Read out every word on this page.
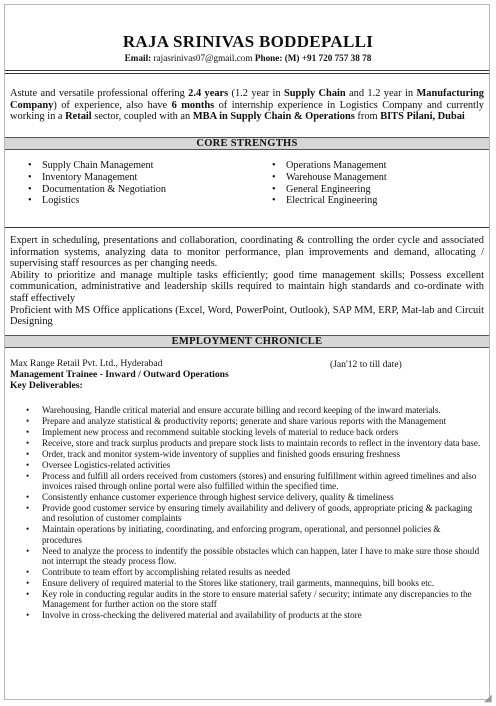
RAJA SRINIVAS BODDEPALLI
Email: rajasrinivas07@gmail.com Phone: (M) +91 720 757 38 78
Astute and versatile professional offering 2.4 years (1.2 year in Supply Chain and 1.2 year in Manufacturing Company) of experience, also have 6 months of internship experience in Logistics Company and currently working in a Retail sector, coupled with an MBA in Supply Chain & Operations from BITS Pilani, Dubai
CORE STRENGTHS
• Supply Chain Management
• Inventory Management
• Documentation & Negotiation
• Logistics
• Operations Management
• Warehouse Management
• General Engineering
• Electrical Engineering
Expert in scheduling, presentations and collaboration, coordinating & controlling the order cycle and associated information systems, analyzing data to monitor performance, plan improvements and demand, allocating / supervising staff resources as per changing needs.
Ability to prioritize and manage multiple tasks efficiently; good time management skills; Possess excellent communication, administrative and leadership skills required to maintain high standards and co-ordinate with staff effectively
Proficient with MS Office applications (Excel, Word, PowerPoint, Outlook), SAP MM, ERP, Mat-lab and Circuit Designing
EMPLOYMENT CHRONICLE
Max Range Retail Pvt. Ltd., Hyderabad	(Jan'12 to till date)
Management Trainee - Inward / Outward Operations
Key Deliverables:
• Warehousing, Handle critical material and ensure accurate billing and record keeping of the inward materials.
• Prepare and analyze statistical & productivity reports; generate and share various reports with the Management
• Implement new process and recommend suitable stocking levels of material to reduce back orders
• Receive, store and track surplus products and prepare stock lists to maintain records to reflect in the inventory data base.
• Order, track and monitor system-wide inventory of supplies and finished goods ensuring freshness
• Oversee Logistics-related activities
• Process and fulfill all orders received from customers (stores) and ensuring fulfillment within agreed timelines and also invoices raised through online portal were also fulfilled within the specified time.
• Consistently enhance customer experience through highest service delivery, quality & timeliness
• Provide good customer service by ensuring timely availability and delivery of goods, appropriate pricing & packaging and resolution of customer complaints
• Maintain operations by initiating, coordinating, and enforcing program, operational, and personnel policies & procedures
• Need to analyze the process to indentify the possible obstacles which can happen, later I have to make sure those should not interrupt the steady process flow.
• Contribute to team effort by accomplishing related results as needed
• Ensure delivery of required material to the Stores like stationery, trail garments, mannequins, bill books etc.
• Key role in conducting regular audits in the store to ensure material safety / security; intimate any discrepancies to the Management for further action on the store staff
• Involve in cross-checking the delivered material and availability of products at the store
◢
